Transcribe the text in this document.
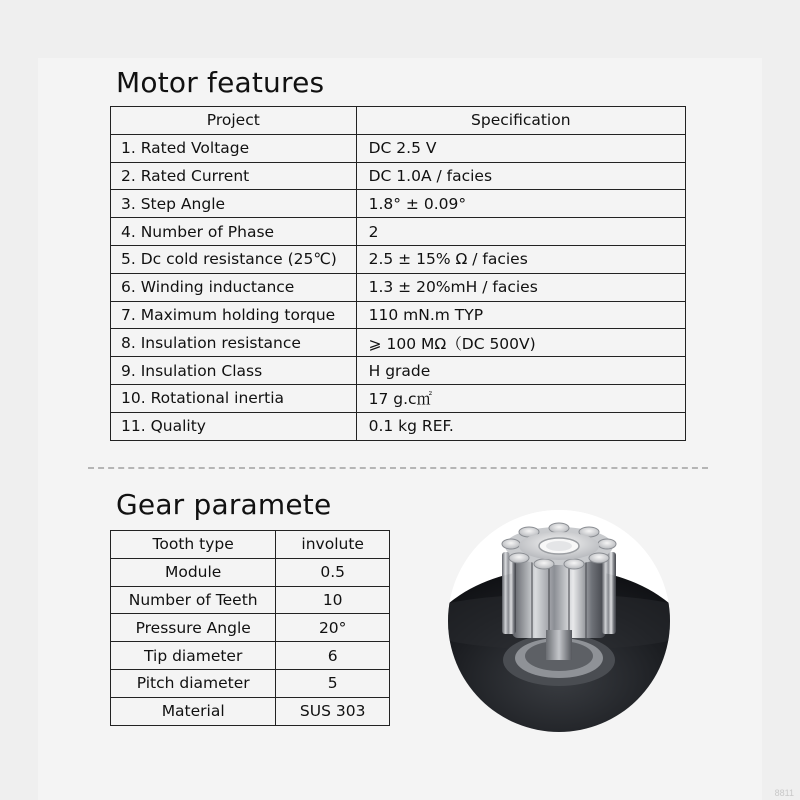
Motor features
Project	Specification
1. Rated Voltage	DC 2.5 V
2. Rated Current	DC 1.0A / facies
3. Step Angle	1.8° ± 0.09°
4. Number of Phase	2
5. Dc cold resistance (25℃)	2.5 ± 15% Ω / facies
6. Winding inductance	1.3 ± 20%mH / facies
7. Maximum holding torque	110 mN.m TYP
8. Insulation resistance	⩾ 100 MΩ（DC 500V)
9. Insulation Class	H grade
10. Rotational inertia	17 g.c㎡
11. Quality	0.1 kg REF.
Gear paramete
Tooth type	involute
Module	0.5
Number of Teeth	10
Pressure Angle	20°
Tip diameter	6
Pitch diameter	5
Material	SUS 303
8811
